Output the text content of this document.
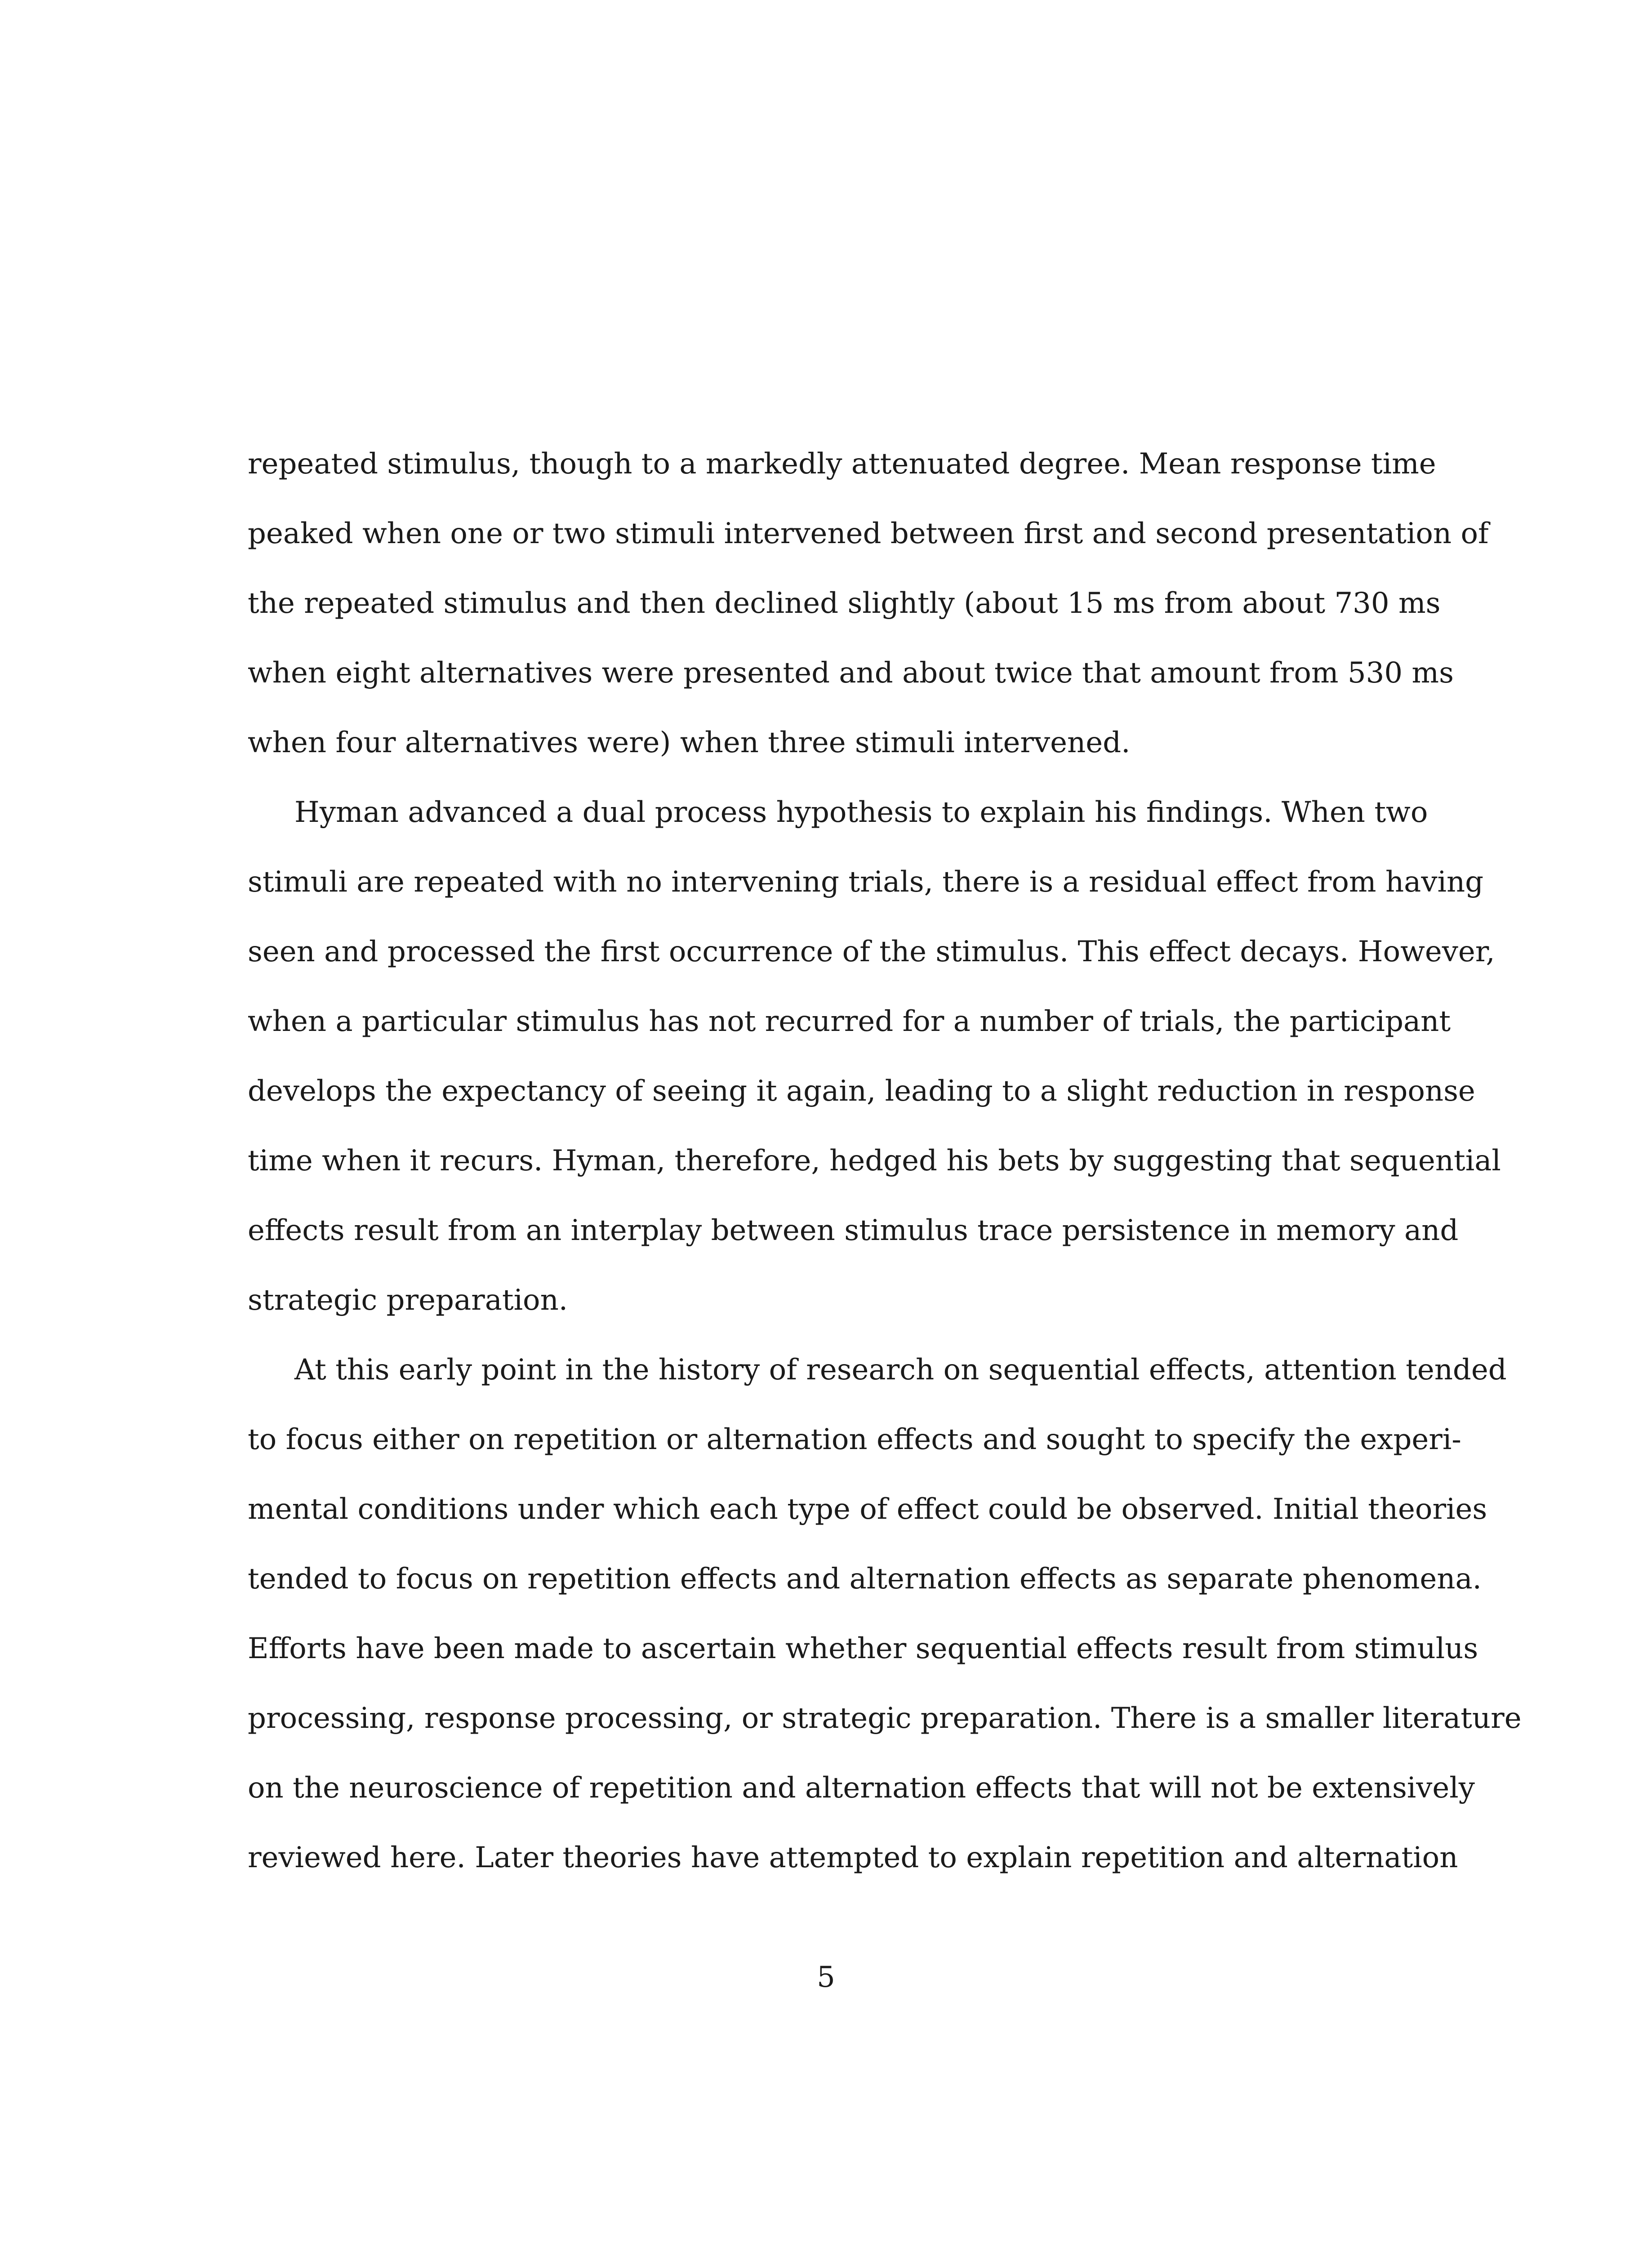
repeated stimulus, though to a markedly attenuated degree. Mean response time
peaked when one or two stimuli intervened between first and second presentation of
the repeated stimulus and then declined slightly (about 15 ms from about 730 ms
when eight alternatives were presented and about twice that amount from 530 ms
when four alternatives were) when three stimuli intervened.
Hyman advanced a dual process hypothesis to explain his findings. When two
stimuli are repeated with no intervening trials, there is a residual effect from having
seen and processed the first occurrence of the stimulus. This effect decays. However,
when a particular stimulus has not recurred for a number of trials, the participant
develops the expectancy of seeing it again, leading to a slight reduction in response
time when it recurs. Hyman, therefore, hedged his bets by suggesting that sequential
effects result from an interplay between stimulus trace persistence in memory and
strategic preparation.
At this early point in the history of research on sequential effects, attention tended
to focus either on repetition or alternation effects and sought to specify the experi-
mental conditions under which each type of effect could be observed. Initial theories
tended to focus on repetition effects and alternation effects as separate phenomena.
Efforts have been made to ascertain whether sequential effects result from stimulus
processing, response processing, or strategic preparation. There is a smaller literature
on the neuroscience of repetition and alternation effects that will not be extensively
reviewed here. Later theories have attempted to explain repetition and alternation
5
